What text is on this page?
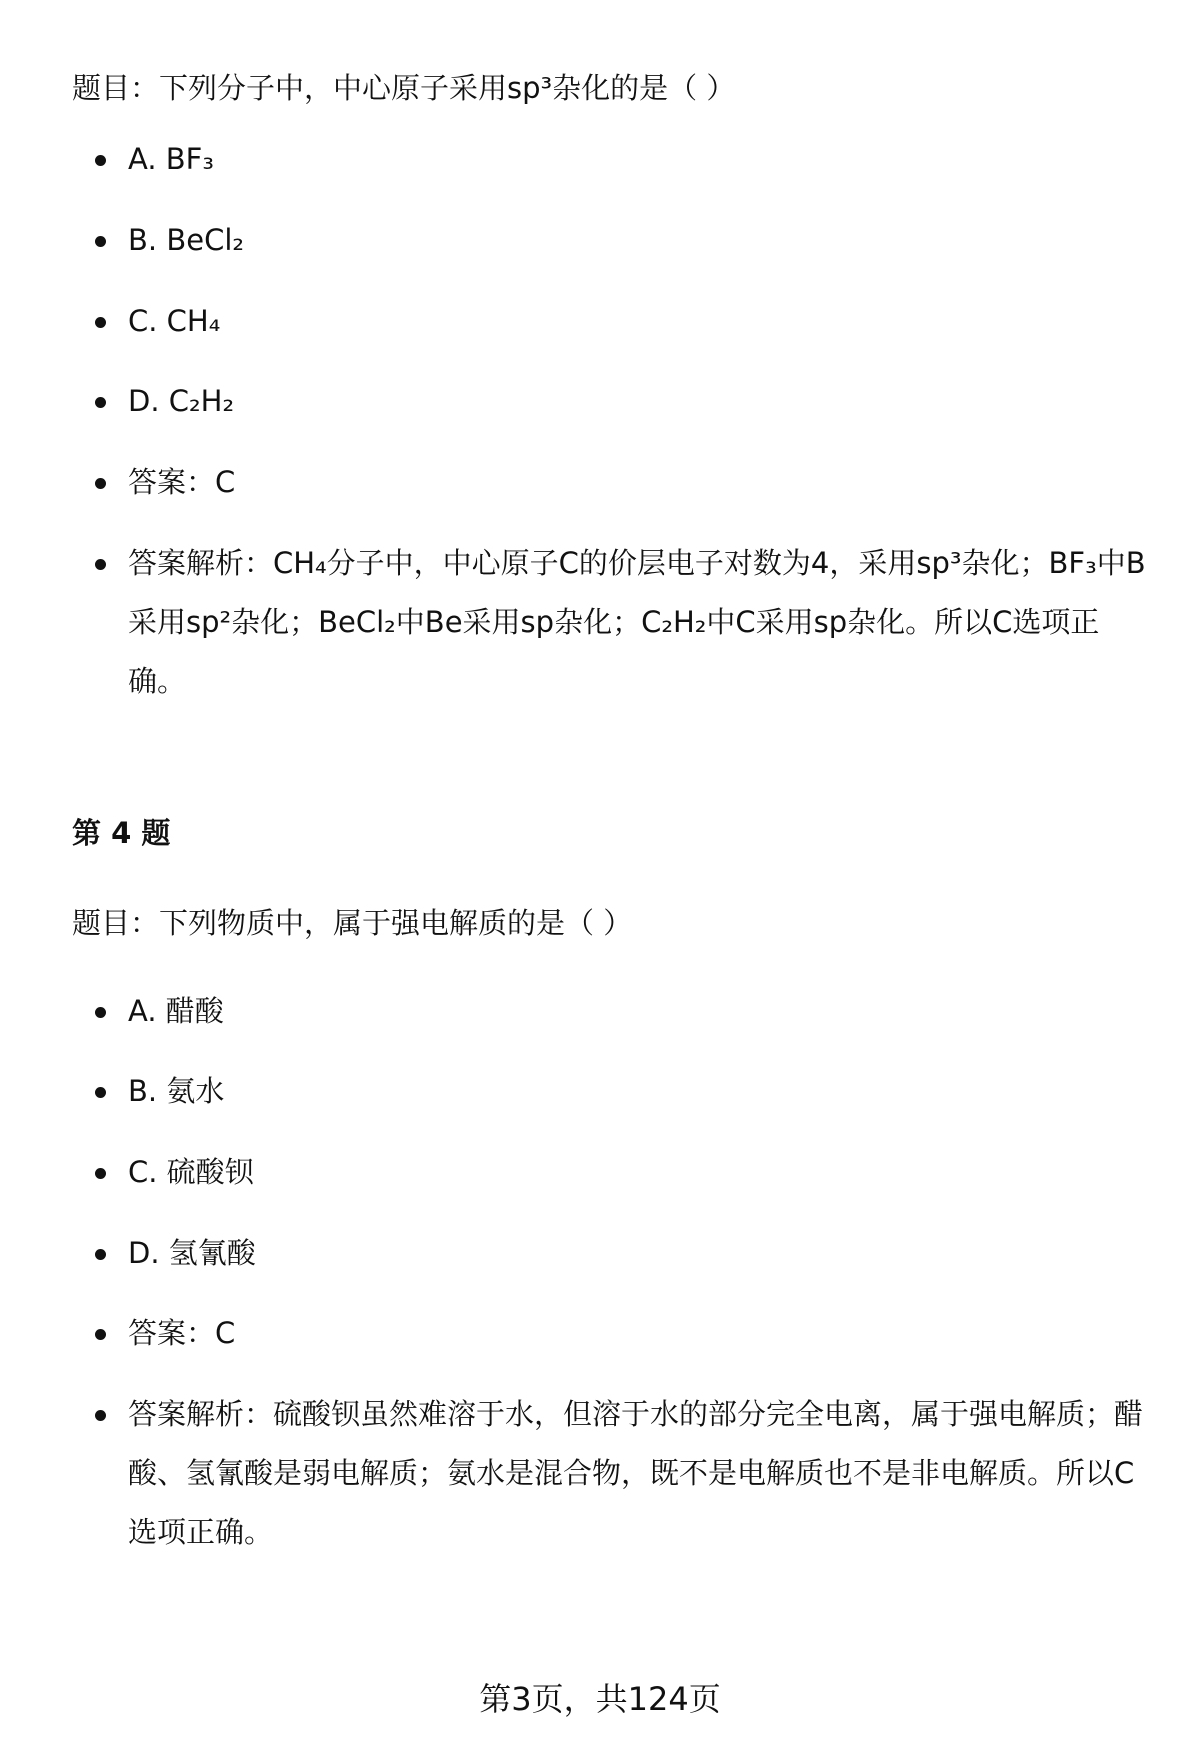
题目：下列分子中，中心原子采用sp³杂化的是（ ）
A. BF₃
B. BeCl₂
C. CH₄
D. C₂H₂
答案：C
答案解析：CH₄分子中，中心原子C的价层电子对数为4，采用sp³杂化；BF₃中B采用sp²杂化；BeCl₂中Be采用sp杂化；C₂H₂中C采用sp杂化。所以C选项正确。
第 4 题
题目：下列物质中，属于强电解质的是（ ）
A. 醋酸
B. 氨水
C. 硫酸钡
D. 氢氰酸
答案：C
答案解析：硫酸钡虽然难溶于水，但溶于水的部分完全电离，属于强电解质；醋酸、氢氰酸是弱电解质；氨水是混合物，既不是电解质也不是非电解质。所以C选项正确。
第3页，共124页
